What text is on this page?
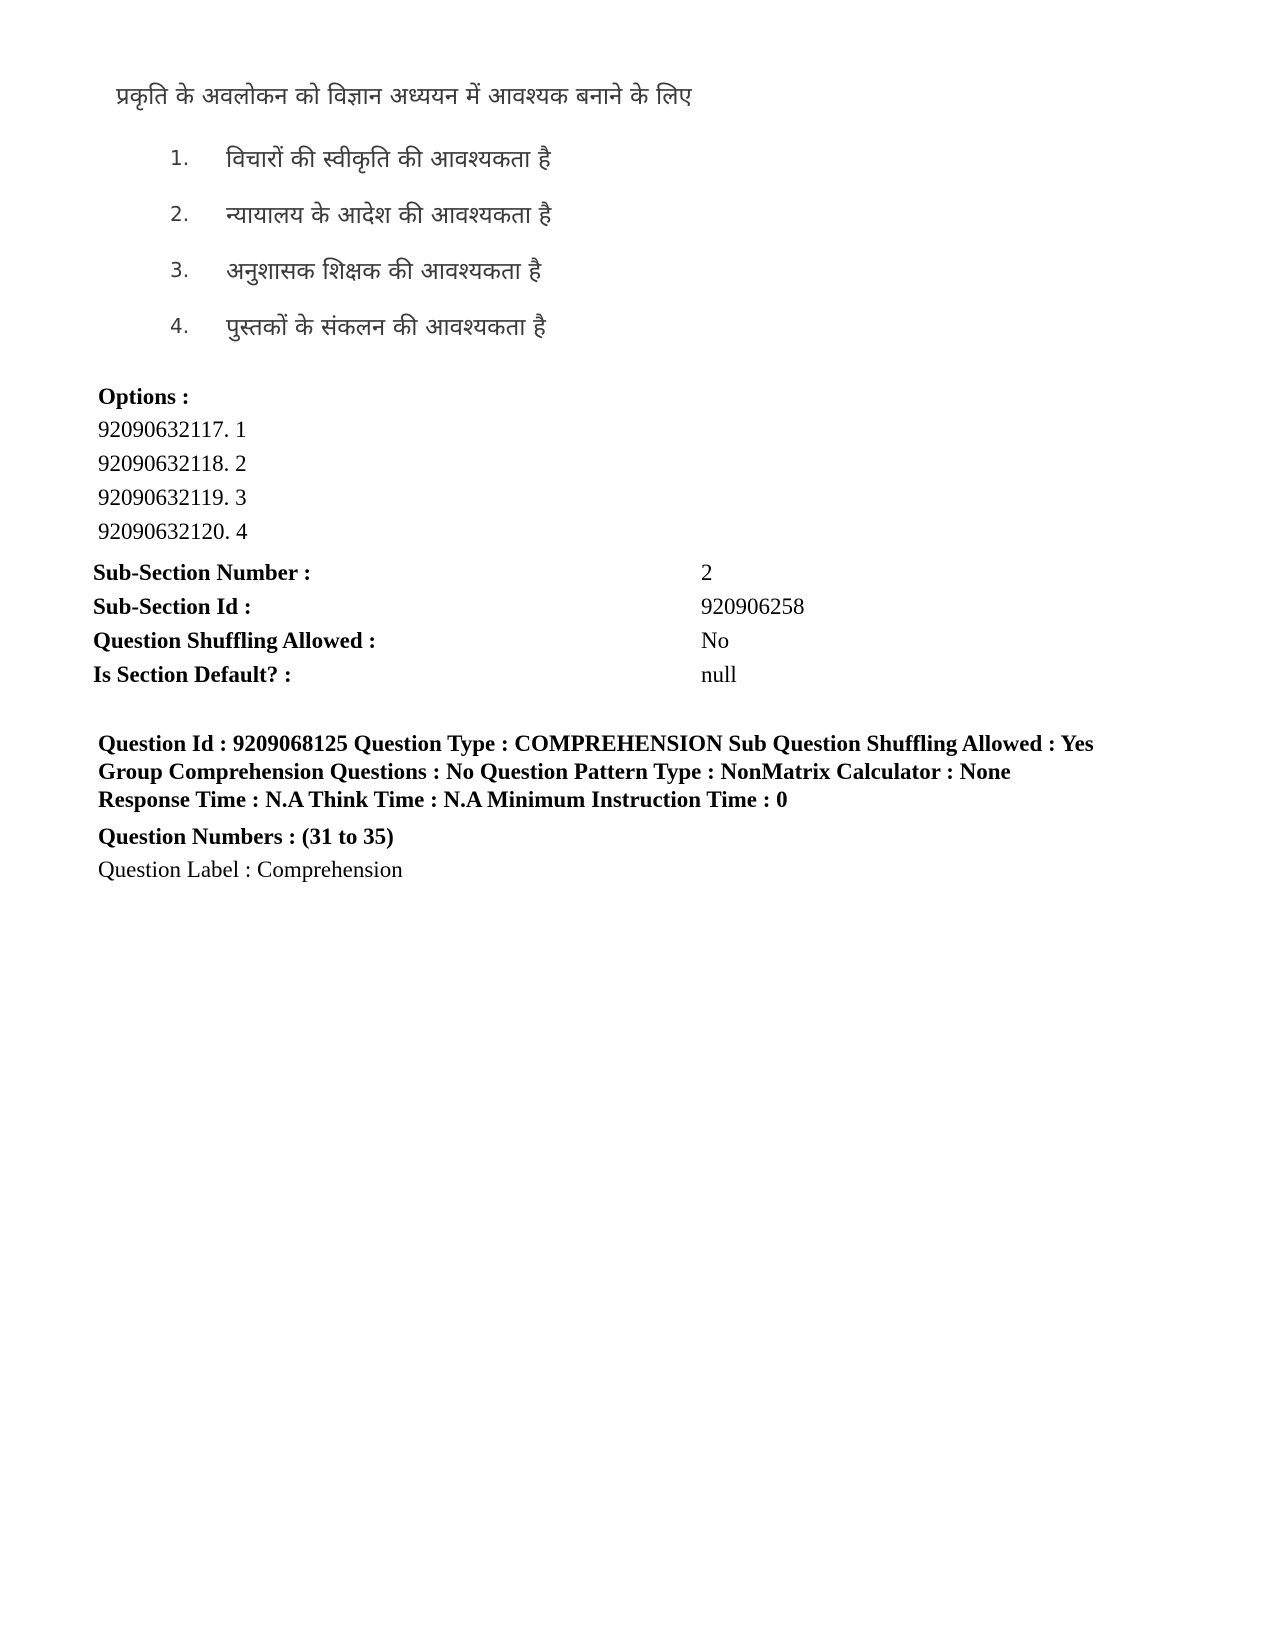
प्रकृति के अवलोकन को विज्ञान अध्ययन में आवश्यक बनाने के लिए
1.	विचारों की स्वीकृति की आवश्यकता है
2.	न्यायालय के आदेश की आवश्यकता है
3.	अनुशासक शिक्षक की आवश्यकता है
4.	पुस्तकों के संकलन की आवश्यकता है
Options :
92090632117. 1
92090632118. 2
92090632119. 3
92090632120. 4
Sub-Section Number :	2
Sub-Section Id :	920906258
Question Shuffling Allowed :	No
Is Section Default? :	null
Question Id : 9209068125 Question Type : COMPREHENSION Sub Question Shuffling Allowed : Yes
Group Comprehension Questions : No Question Pattern Type : NonMatrix Calculator : None
Response Time : N.A Think Time : N.A Minimum Instruction Time : 0
Question Numbers : (31 to 35)
Question Label : Comprehension
